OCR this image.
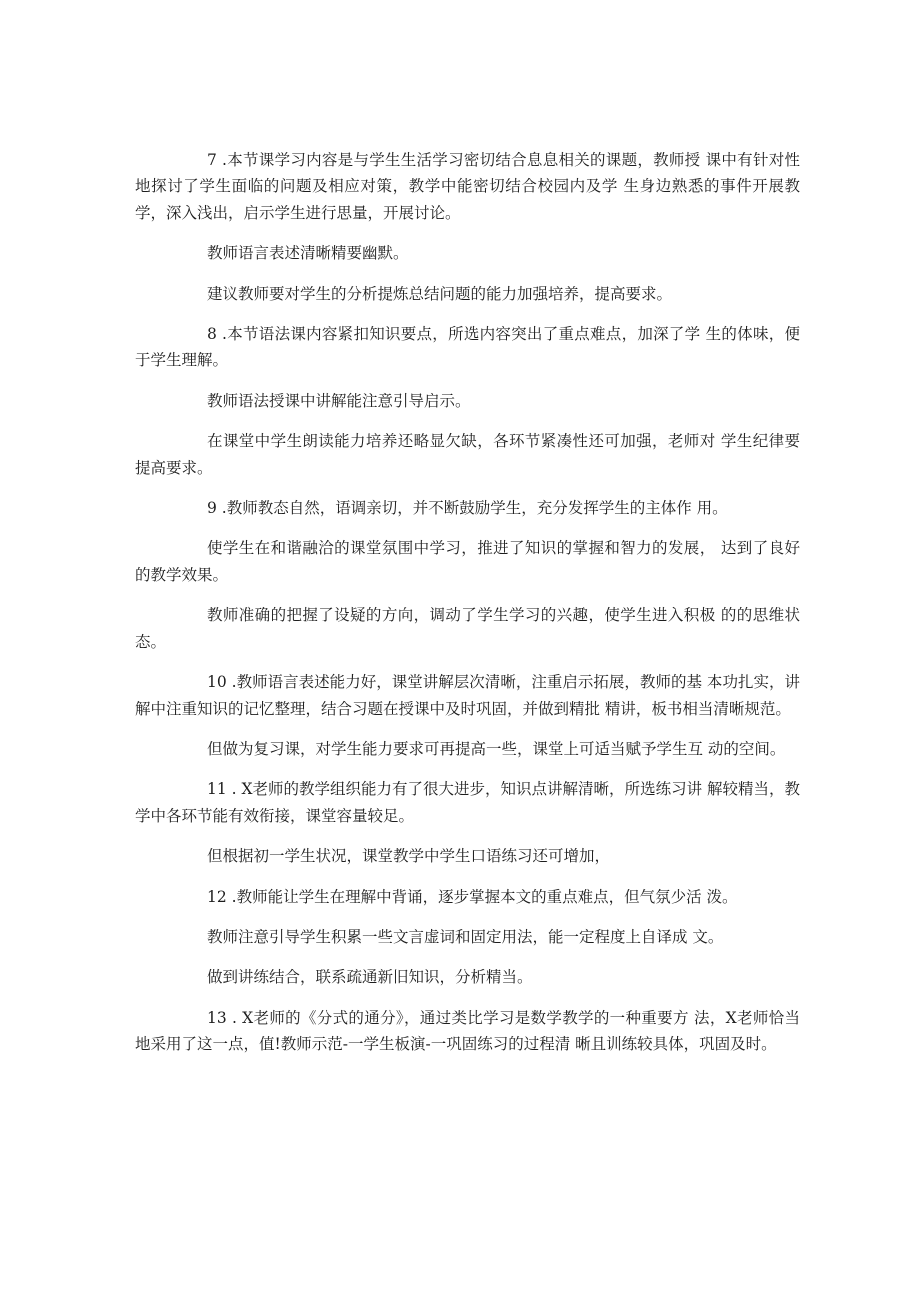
7 .本节课学习内容是与学生生活学习密切结合息息相关的课题，教师授 课中有针对性地探讨了学生面临的问题及相应对策，教学中能密切结合校园内及学 生身边熟悉的事件开展教学，深入浅出，启示学生进行思量，开展讨论。

教师语言表述清晰精要幽默。

建议教师要对学生的分析提炼总结问题的能力加强培养，提高要求。

8 .本节语法课内容紧扣知识要点，所选内容突出了重点难点，加深了学 生的体味，便于学生理解。

教师语法授课中讲解能注意引导启示。

在课堂中学生朗读能力培养还略显欠缺，各环节紧凑性还可加强，老师对 学生纪律要提高要求。

9 .教师教态自然，语调亲切，并不断鼓励学生，充分发挥学生的主体作 用。

使学生在和谐融洽的课堂氛围中学习，推进了知识的掌握和智力的发展， 达到了良好的教学效果。

教师准确的把握了设疑的方向，调动了学生学习的兴趣，使学生进入积极 的的思维状态。

10 .教师语言表述能力好，课堂讲解层次清晰，注重启示拓展，教师的基 本功扎实，讲解中注重知识的记忆整理，结合习题在授课中及时巩固，并做到精批 精讲，板书相当清晰规范。

但做为复习课，对学生能力要求可再提高一些，课堂上可适当赋予学生互 动的空间。

11 . X老师的教学组织能力有了很大进步，知识点讲解清晰，所选练习讲 解较精当，教学中各环节能有效衔接，课堂容量较足。

但根据初一学生状况，课堂教学中学生口语练习还可增加，

12 .教师能让学生在理解中背诵，逐步掌握本文的重点难点，但气氛少活 泼。

教师注意引导学生积累一些文言虚词和固定用法，能一定程度上自译成 文。

做到讲练结合，联系疏通新旧知识，分析精当。

13 . X老师的《分式的通分》，通过类比学习是数学教学的一种重要方 法，X老师恰当地采用了这一点，值!教师示范-一学生板演-一巩固练习的过程清 晰且训练较具体，巩固及时。
